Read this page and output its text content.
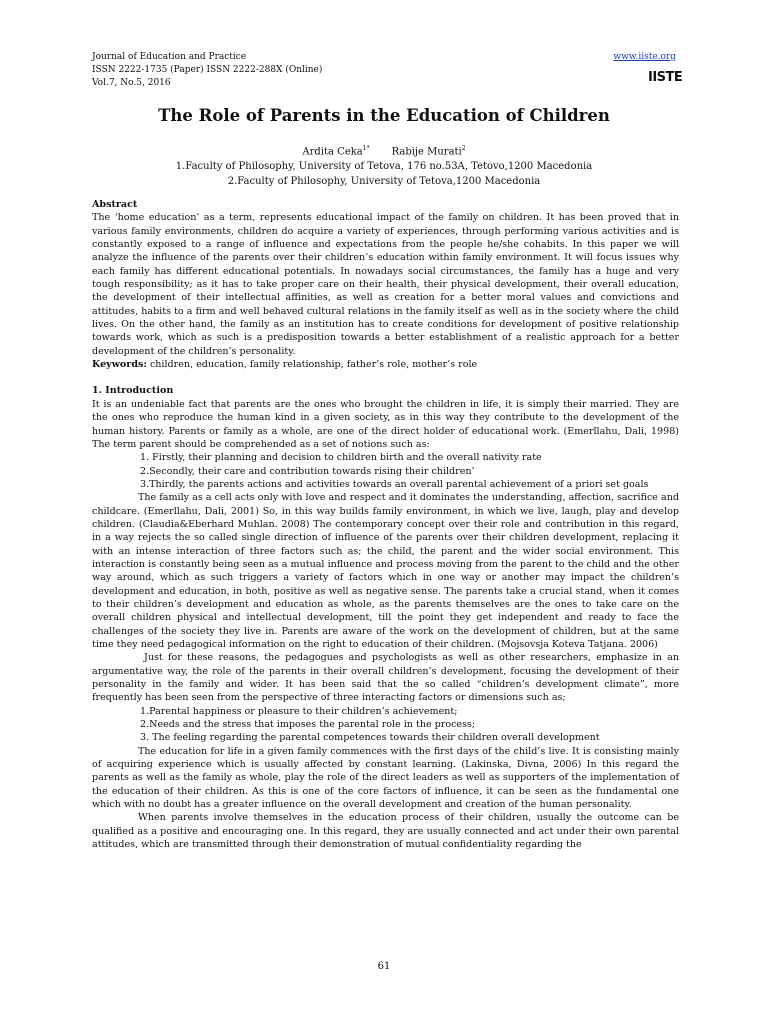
Journal of Education and Practice
ISSN 2222-1735 (Paper) ISSN 2222-288X (Online)
Vol.7, No.5, 2016
www.iiste.org
IISTE
The Role of Parents in the Education of Children
Ardita Ceka$^{1*}$ Rabije Murati$^2$
1.Faculty of Philosophy, University of Tetova, 176 no.53A, Tetovo,1200 Macedonia
2.Faculty of Philosophy, University of Tetova,1200 Macedonia

Abstract

The ‘home education’ as a term, represents educational impact of the family on children. It has been proved that in various family environments, children do acquire a variety of experiences, through performing various activities and is constantly exposed to a range of influence and expectations from the people he/she cohabits. In this paper we will analyze the influence of the parents over their children’s education within family environment. It will focus issues why each family has different educational potentials. In nowadays social circumstances, the family has a huge and very tough responsibility; as it has to take proper care on their health, their physical development, their overall education, the development of their intellectual affinities, as well as creation for a better moral values and convictions and attitudes, habits to a firm and well behaved cultural relations in the family itself as well as in the society where the child lives. On the other hand, the family as an institution has to create conditions for development of positive relationship towards work, which as such is a predisposition towards a better establishment of a realistic approach for a better development of the children’s personality.

Keywords: children, education, family relationship, father’s role, mother’s role

1. Introduction

It is an undeniable fact that parents are the ones who brought the children in life, it is simply their married. They are the ones who reproduce the human kind in a given society, as in this way they contribute to the development of the human history. Parents or family as a whole, are one of the direct holder of educational work. (Emerllahu, Dali, 1998) The term parent should be comprehended as a set of notions such as:

1. Firstly, their planning and decision to children birth and the overall nativity rate

2.Secondly, their care and contribution towards rising their children’

3.Thirdly, the parents actions and activities towards an overall parental achievement of a priori set goals

The family as a cell acts only with love and respect and it dominates the understanding, affection, sacrifice and childcare. (Emerllahu, Dali, 2001) So, in this way builds family environment, in which we live, laugh, play and develop children. (Claudia&Eberhard Muhlan. 2008) The contemporary concept over their role and contribution in this regard, in a way rejects the so called single direction of influence of the parents over their children development, replacing it with an intense interaction of three factors such as; the child, the parent and the wider social environment. This interaction is constantly being seen as a mutual influence and process moving from the parent to the child and the other way around, which as such triggers a variety of factors which in one way or another may impact the children’s development and education, in both, positive as well as negative sense. The parents take a crucial stand, when it comes to their children’s development and education as whole, as the parents themselves are the ones to take care on the overall children physical and intellectual development, till the point they get independent and ready to face the challenges of the society they live in. Parents are aware of the work on the development of children, but at the same time they need pedagogical information on the right to education of their children. (Mojsovsja Koteva Tatjana. 2006)

Just for these reasons, the pedagogues and psychologists as well as other researchers, emphasize in an argumentative way, the role of the parents in their overall children’s development, focusing the development of their personality in the family and wider. It has been said that the so called “children’s development climate”, more frequently has been seen from the perspective of three interacting factors or dimensions such as;

1.Parental happiness or pleasure to their children’s achievement;

2.Needs and the stress that imposes the parental role in the process;

3. The feeling regarding the parental competences towards their children overall development

The education for life in a given family commences with the first days of the child’s live. It is consisting mainly of acquiring experience which is usually affected by constant learning. (Lakinska, Divna, 2006) In this regard the parents as well as the family as whole, play the role of the direct leaders as well as supporters of the implementation of the education of their children. As this is one of the core factors of influence, it can be seen as the fundamental one which with no doubt has a greater influence on the overall development and creation of the human personality.

When parents involve themselves in the education process of their children, usually the outcome can be qualified as a positive and encouraging one. In this regard, they are usually connected and act under their own parental attitudes, which are transmitted through their demonstration of mutual confidentiality regarding the

61
